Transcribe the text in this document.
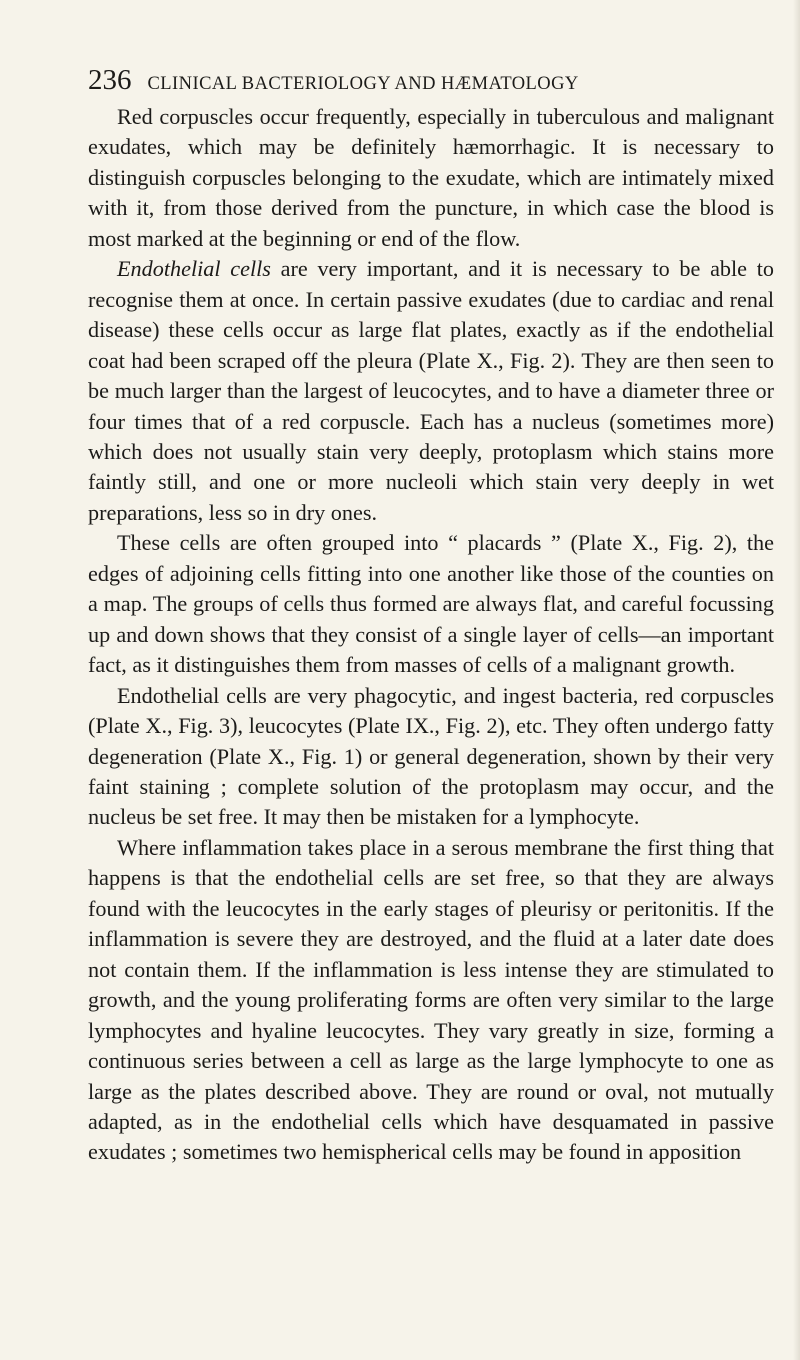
236 CLINICAL BACTERIOLOGY AND HÆMATOLOGY

Red corpuscles occur frequently, especially in tuberculous and malignant exudates, which may be definitely hæmorrhagic. It is necessary to distinguish corpuscles belonging to the exudate, which are intimately mixed with it, from those derived from the puncture, in which case the blood is most marked at the beginning or end of the flow.

Endothelial cells are very important, and it is necessary to be able to recognise them at once. In certain passive exudates (due to cardiac and renal disease) these cells occur as large flat plates, exactly as if the endothelial coat had been scraped off the pleura (Plate X., Fig. 2). They are then seen to be much larger than the largest of leucocytes, and to have a diameter three or four times that of a red corpuscle. Each has a nucleus (sometimes more) which does not usually stain very deeply, protoplasm which stains more faintly still, and one or more nucleoli which stain very deeply in wet preparations, less so in dry ones.

These cells are often grouped into “ placards ” (Plate X., Fig. 2), the edges of adjoining cells fitting into one another like those of the counties on a map. The groups of cells thus formed are always flat, and careful focussing up and down shows that they consist of a single layer of cells—an important fact, as it distinguishes them from masses of cells of a malignant growth.

Endothelial cells are very phagocytic, and ingest bacteria, red corpuscles (Plate X., Fig. 3), leucocytes (Plate IX., Fig. 2), etc. They often undergo fatty degeneration (Plate X., Fig. 1) or general degeneration, shown by their very faint staining ; complete solution of the protoplasm may occur, and the nucleus be set free. It may then be mistaken for a lymphocyte.

Where inflammation takes place in a serous membrane the first thing that happens is that the endothelial cells are set free, so that they are always found with the leucocytes in the early stages of pleurisy or peritonitis. If the inflammation is severe they are destroyed, and the fluid at a later date does not contain them. If the inflammation is less intense they are stimulated to growth, and the young proliferating forms are often very similar to the large lymphocytes and hyaline leucocytes. They vary greatly in size, forming a continuous series between a cell as large as the large lymphocyte to one as large as the plates described above. They are round or oval, not mutually adapted, as in the endothelial cells which have desquamated in passive exudates ; sometimes two hemispherical cells may be found in apposition
